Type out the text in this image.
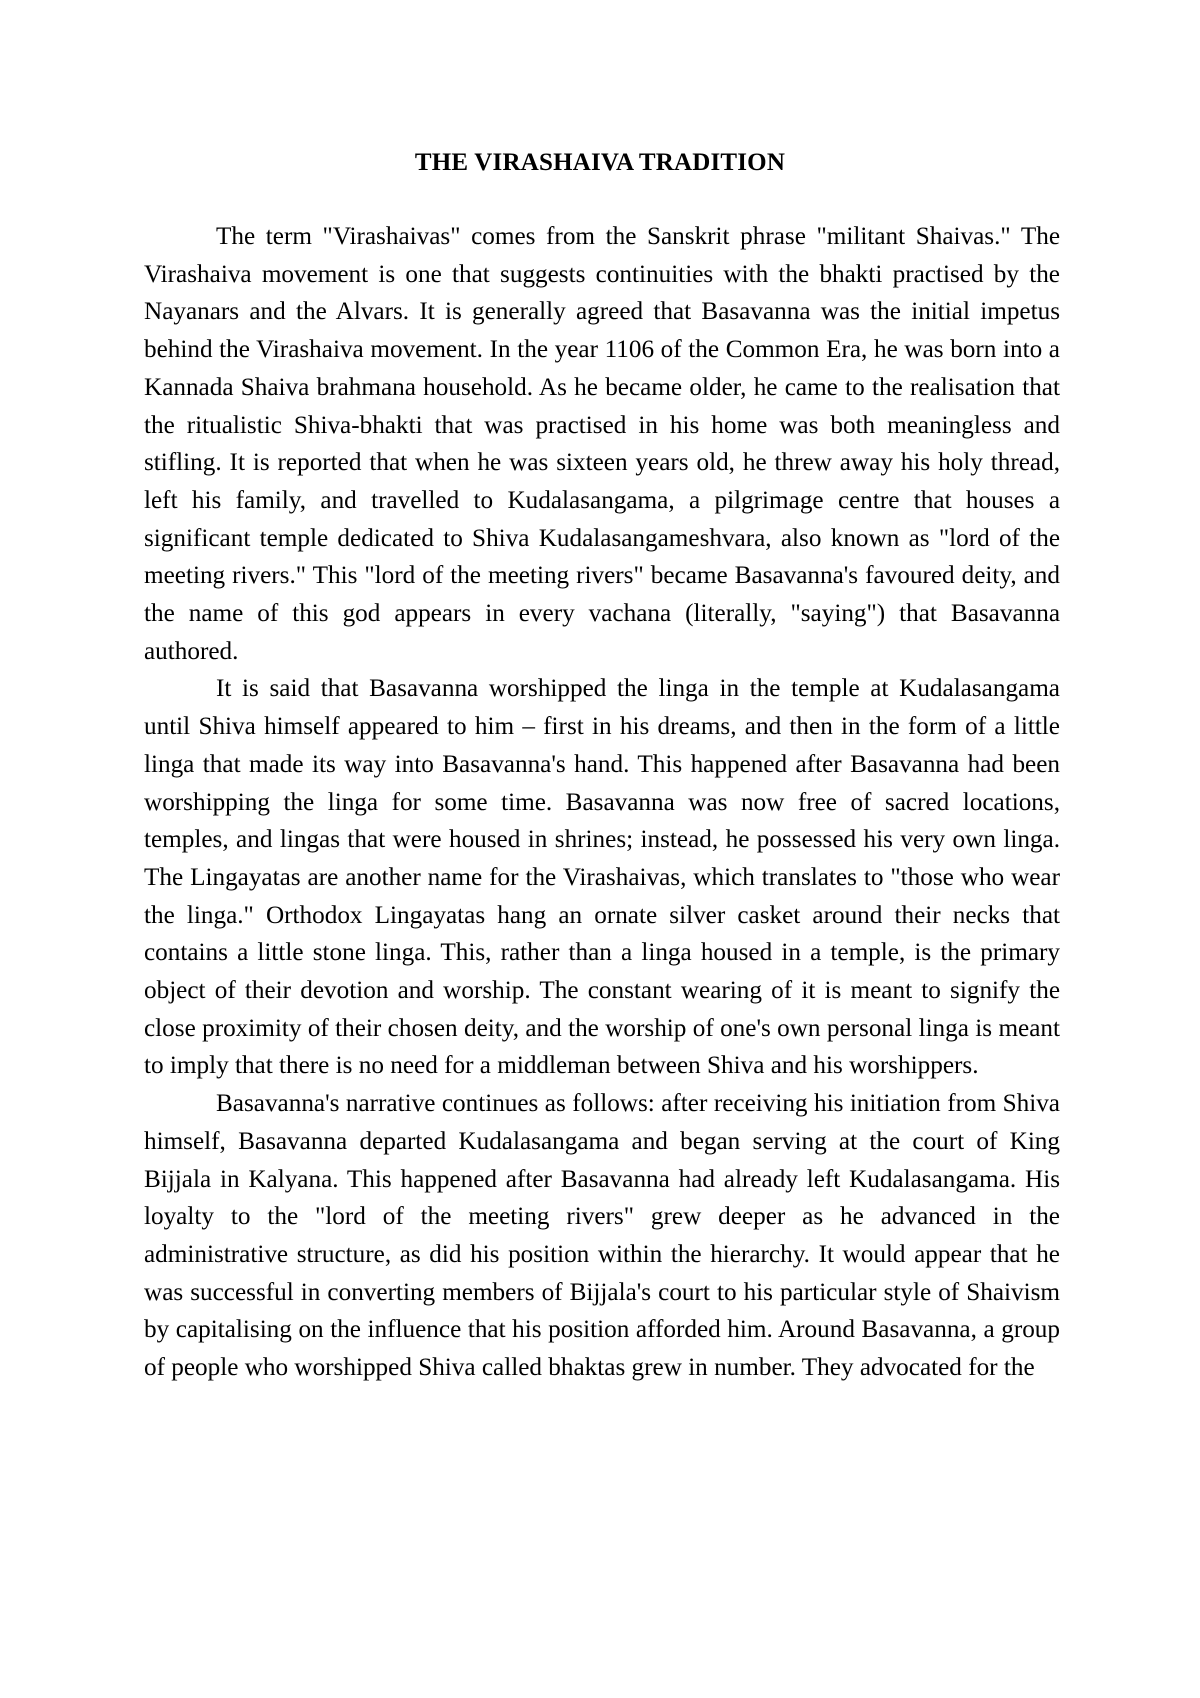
THE VIRASHAIVA TRADITION

The term "Virashaivas" comes from the Sanskrit phrase "militant Shaivas." The Virashaiva movement is one that suggests continuities with the bhakti practised by the Nayanars and the Alvars. It is generally agreed that Basavanna was the initial impetus behind the Virashaiva movement. In the year 1106 of the Common Era, he was born into a Kannada Shaiva brahmana household. As he became older, he came to the realisation that the ritualistic Shiva-bhakti that was practised in his home was both meaningless and stifling. It is reported that when he was sixteen years old, he threw away his holy thread, left his family, and travelled to Kudalasangama, a pilgrimage centre that houses a significant temple dedicated to Shiva Kudalasangameshvara, also known as "lord of the meeting rivers." This "lord of the meeting rivers" became Basavanna's favoured deity, and the name of this god appears in every vachana (literally, "saying") that Basavanna authored.

It is said that Basavanna worshipped the linga in the temple at Kudalasangama until Shiva himself appeared to him – first in his dreams, and then in the form of a little linga that made its way into Basavanna's hand. This happened after Basavanna had been worshipping the linga for some time. Basavanna was now free of sacred locations, temples, and lingas that were housed in shrines; instead, he possessed his very own linga. The Lingayatas are another name for the Virashaivas, which translates to "those who wear the linga." Orthodox Lingayatas hang an ornate silver casket around their necks that contains a little stone linga. This, rather than a linga housed in a temple, is the primary object of their devotion and worship. The constant wearing of it is meant to signify the close proximity of their chosen deity, and the worship of one's own personal linga is meant to imply that there is no need for a middleman between Shiva and his worshippers.

Basavanna's narrative continues as follows: after receiving his initiation from Shiva himself, Basavanna departed Kudalasangama and began serving at the court of King Bijjala in Kalyana. This happened after Basavanna had already left Kudalasangama. His loyalty to the "lord of the meeting rivers" grew deeper as he advanced in the administrative structure, as did his position within the hierarchy. It would appear that he was successful in converting members of Bijjala's court to his particular style of Shaivism by capitalising on the influence that his position afforded him. Around Basavanna, a group of people who worshipped Shiva called bhaktas grew in number. They advocated for the
